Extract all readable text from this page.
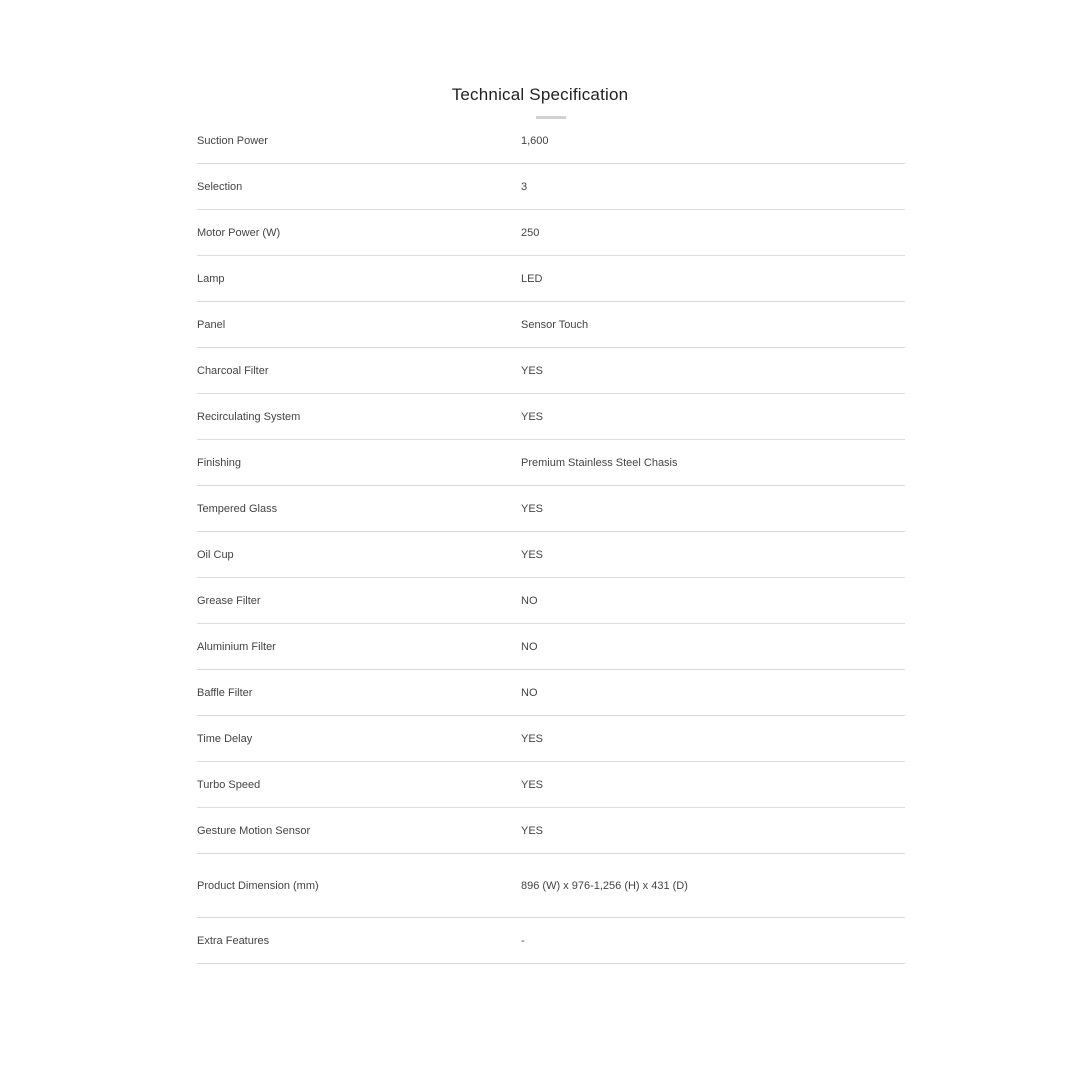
Technical Specification
Suction Power	1,600
Selection	3
Motor Power (W)	250
Lamp	LED
Panel	Sensor Touch
Charcoal Filter	YES
Recirculating System	YES
Finishing	Premium Stainless Steel Chasis
Tempered Glass	YES
Oil Cup	YES
Grease Filter	NO
Aluminium Filter	NO
Baffle Filter	NO
Time Delay	YES
Turbo Speed	YES
Gesture Motion Sensor	YES
Product Dimension (mm)	896 (W) x 976-1,256 (H) x 431 (D)
Extra Features	-
